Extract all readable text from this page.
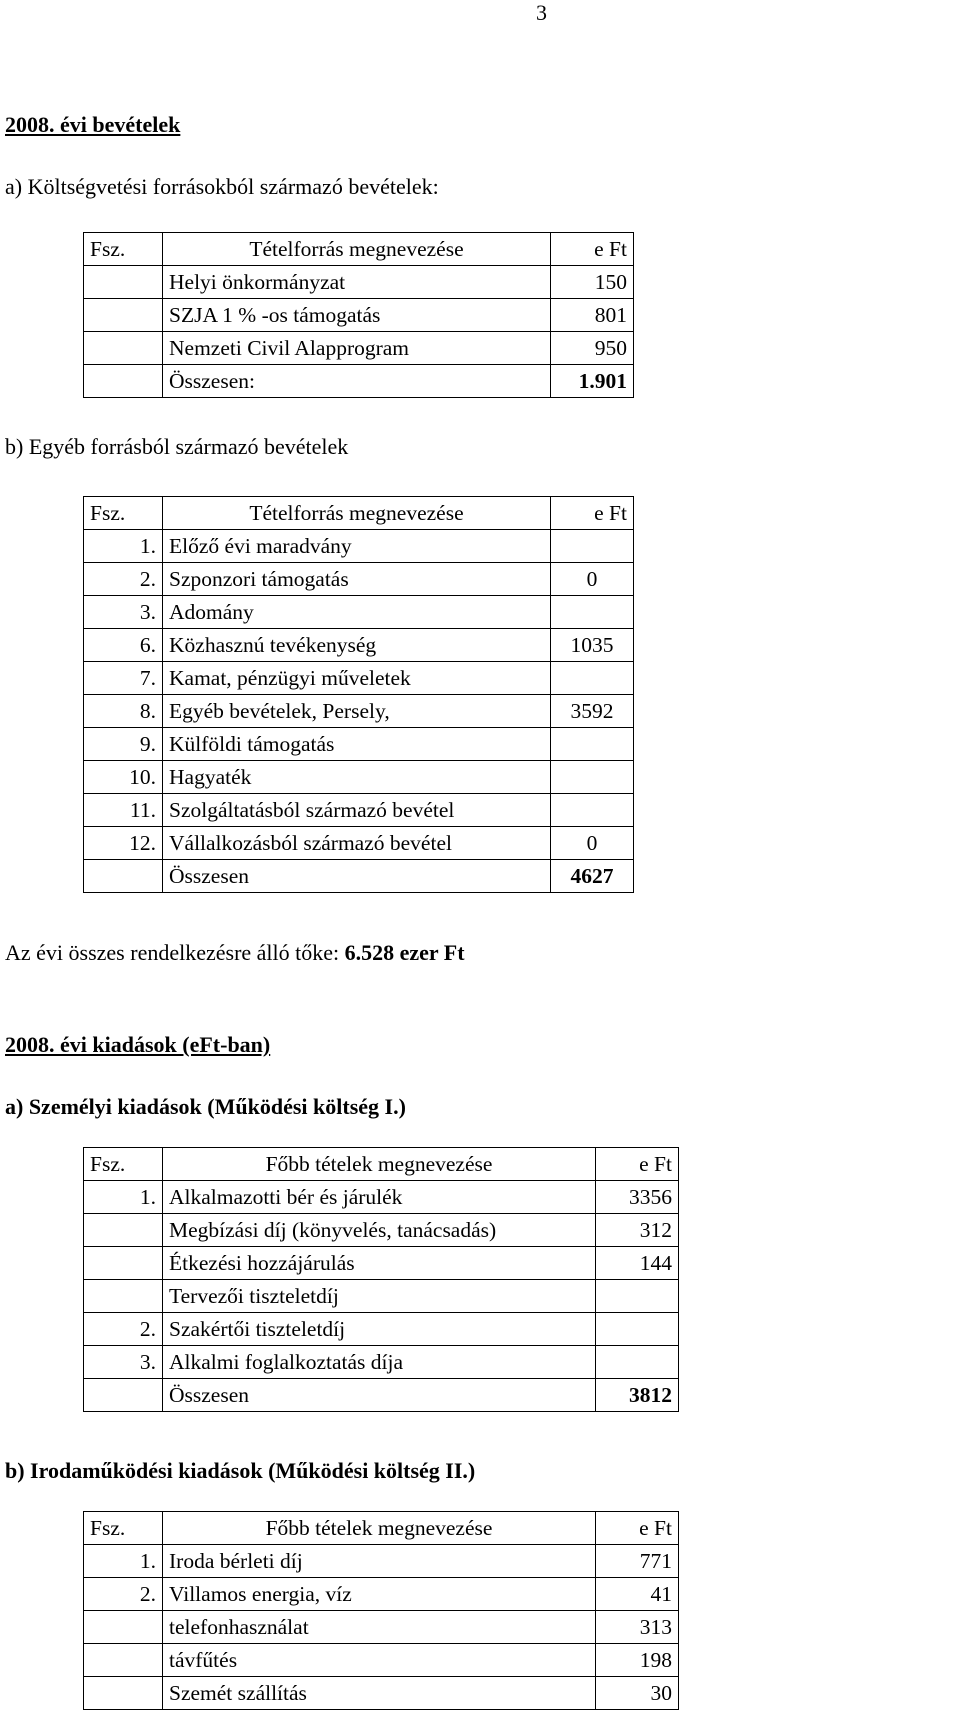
3
2008. évi bevételek
a) Költségvetési forrásokból származó bevételek:
Fsz.	Tételforrás megnevezése	e Ft
	Helyi önkormányzat	150
	SZJA 1 % -os támogatás	801
	Nemzeti Civil Alapprogram	950
	Összesen:	1.901
b) Egyéb forrásból származó bevételek
Fsz.	Tételforrás megnevezése	e Ft
1.	Előző évi maradvány	
2.	Szponzori támogatás	0
3.	Adomány	
6.	Közhasznú tevékenység	1035
7.	Kamat, pénzügyi műveletek	
8.	Egyéb bevételek, Persely,	3592
9.	Külföldi támogatás	
10.	Hagyaték	
11.	Szolgáltatásból származó bevétel	
12.	Vállalkozásból származó bevétel	0
	Összesen	4627
Az évi összes rendelkezésre álló tőke: 6.528 ezer Ft
2008. évi kiadások (eFt-ban)
a) Személyi kiadások (Működési költség I.)
Fsz.	Főbb tételek megnevezése	e Ft
1.	Alkalmazotti bér és járulék	3356
	Megbízási díj (könyvelés, tanácsadás)	312
	Étkezési hozzájárulás	144
	Tervezői tiszteletdíj	
2.	Szakértői tiszteletdíj	
3.	Alkalmi foglalkoztatás díja	
	Összesen	3812
b) Irodaműködési kiadások (Működési költség II.)
Fsz.	Főbb tételek megnevezése	e Ft
1.	Iroda bérleti díj	771
2.	Villamos energia, víz	41
	telefonhasználat	313
	távfűtés	198
	Szemét szállítás	30
